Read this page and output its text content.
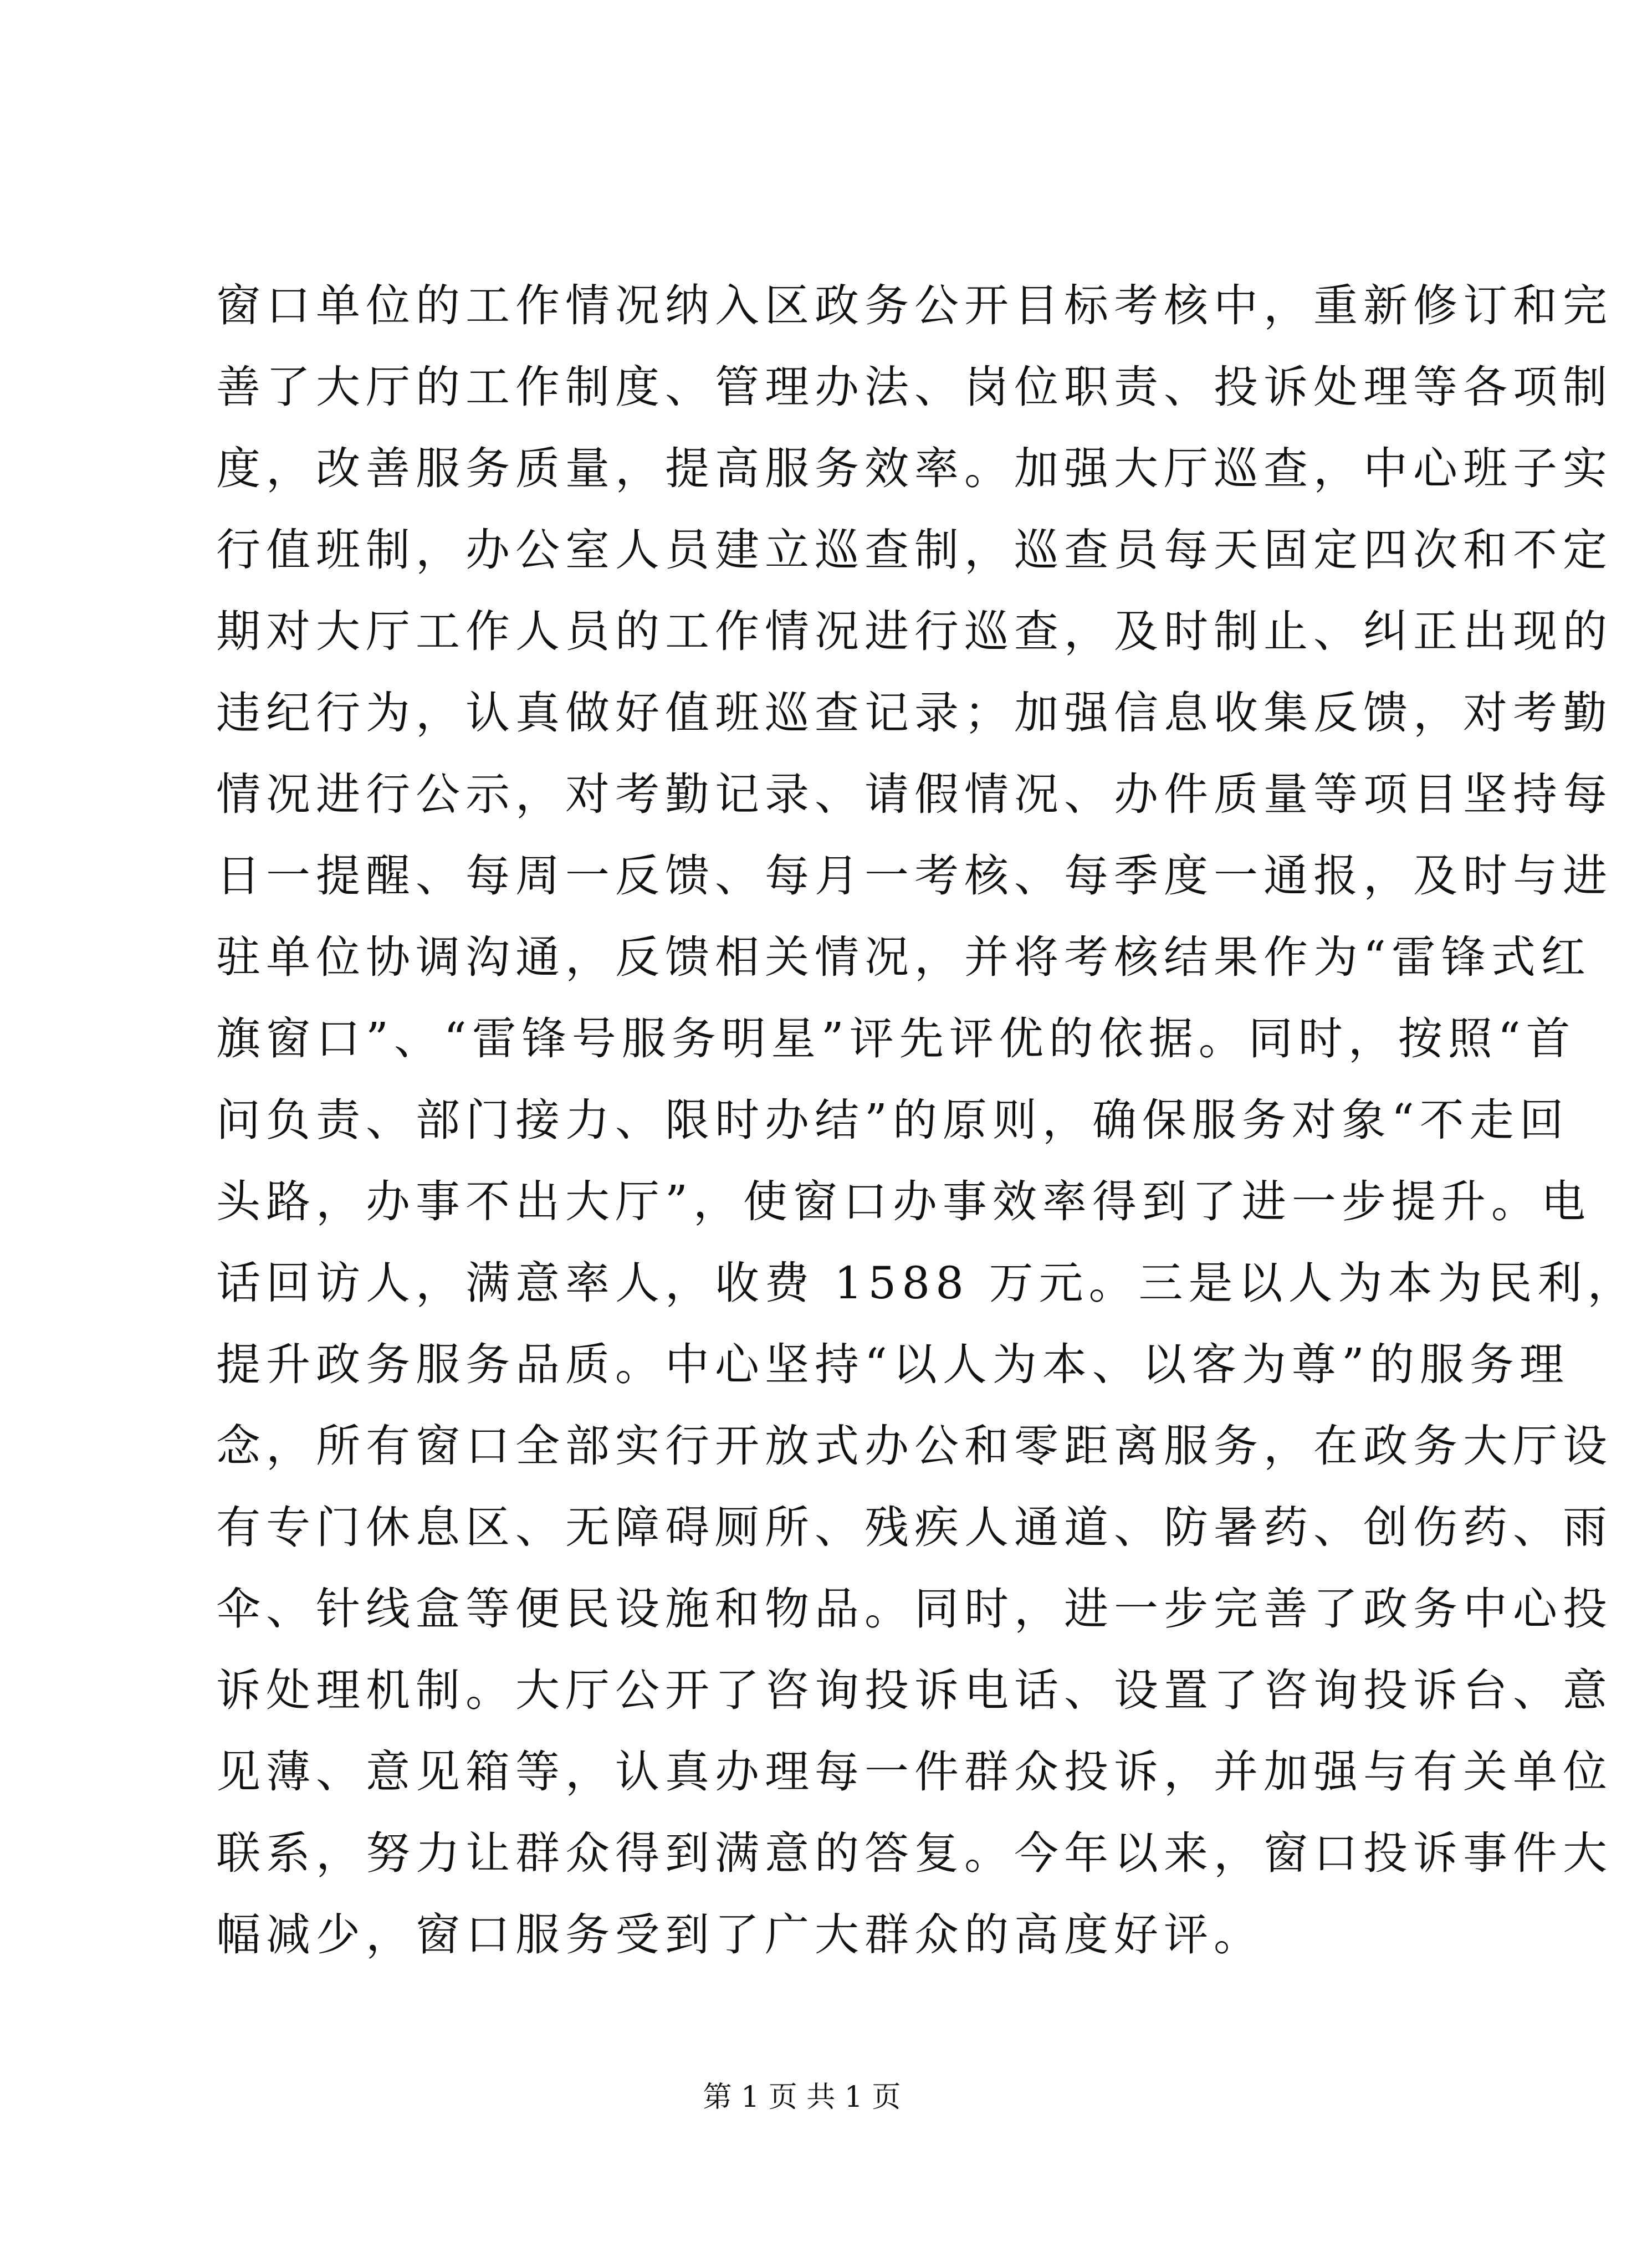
窗口单位的工作情况纳入区政务公开目标考核中，重新修订和完
善了大厅的工作制度、管理办法、岗位职责、投诉处理等各项制
度，改善服务质量，提高服务效率。加强大厅巡查，中心班子实
行值班制，办公室人员建立巡查制，巡查员每天固定四次和不定
期对大厅工作人员的工作情况进行巡查，及时制止、纠正出现的
违纪行为，认真做好值班巡查记录；加强信息收集反馈，对考勤
情况进行公示，对考勤记录、请假情况、办件质量等项目坚持每
日一提醒、每周一反馈、每月一考核、每季度一通报，及时与进
驻单位协调沟通，反馈相关情况，并将考核结果作为“雷锋式红
旗窗口”、“雷锋号服务明星”评先评优的依据。同时，按照“首
问负责、部门接力、限时办结”的原则，确保服务对象“不走回
头路，办事不出大厅”，使窗口办事效率得到了进一步提升。电
话回访人，满意率人，收费 1588 万元。三是以人为本为民利，
提升政务服务品质。中心坚持“以人为本、以客为尊”的服务理
念，所有窗口全部实行开放式办公和零距离服务，在政务大厅设
有专门休息区、无障碍厕所、残疾人通道、防暑药、创伤药、雨
伞、针线盒等便民设施和物品。同时，进一步完善了政务中心投
诉处理机制。大厅公开了咨询投诉电话、设置了咨询投诉台、意
见薄、意见箱等，认真办理每一件群众投诉，并加强与有关单位
联系，努力让群众得到满意的答复。今年以来，窗口投诉事件大
幅减少，窗口服务受到了广大群众的高度好评。
第 1 页 共 1 页
